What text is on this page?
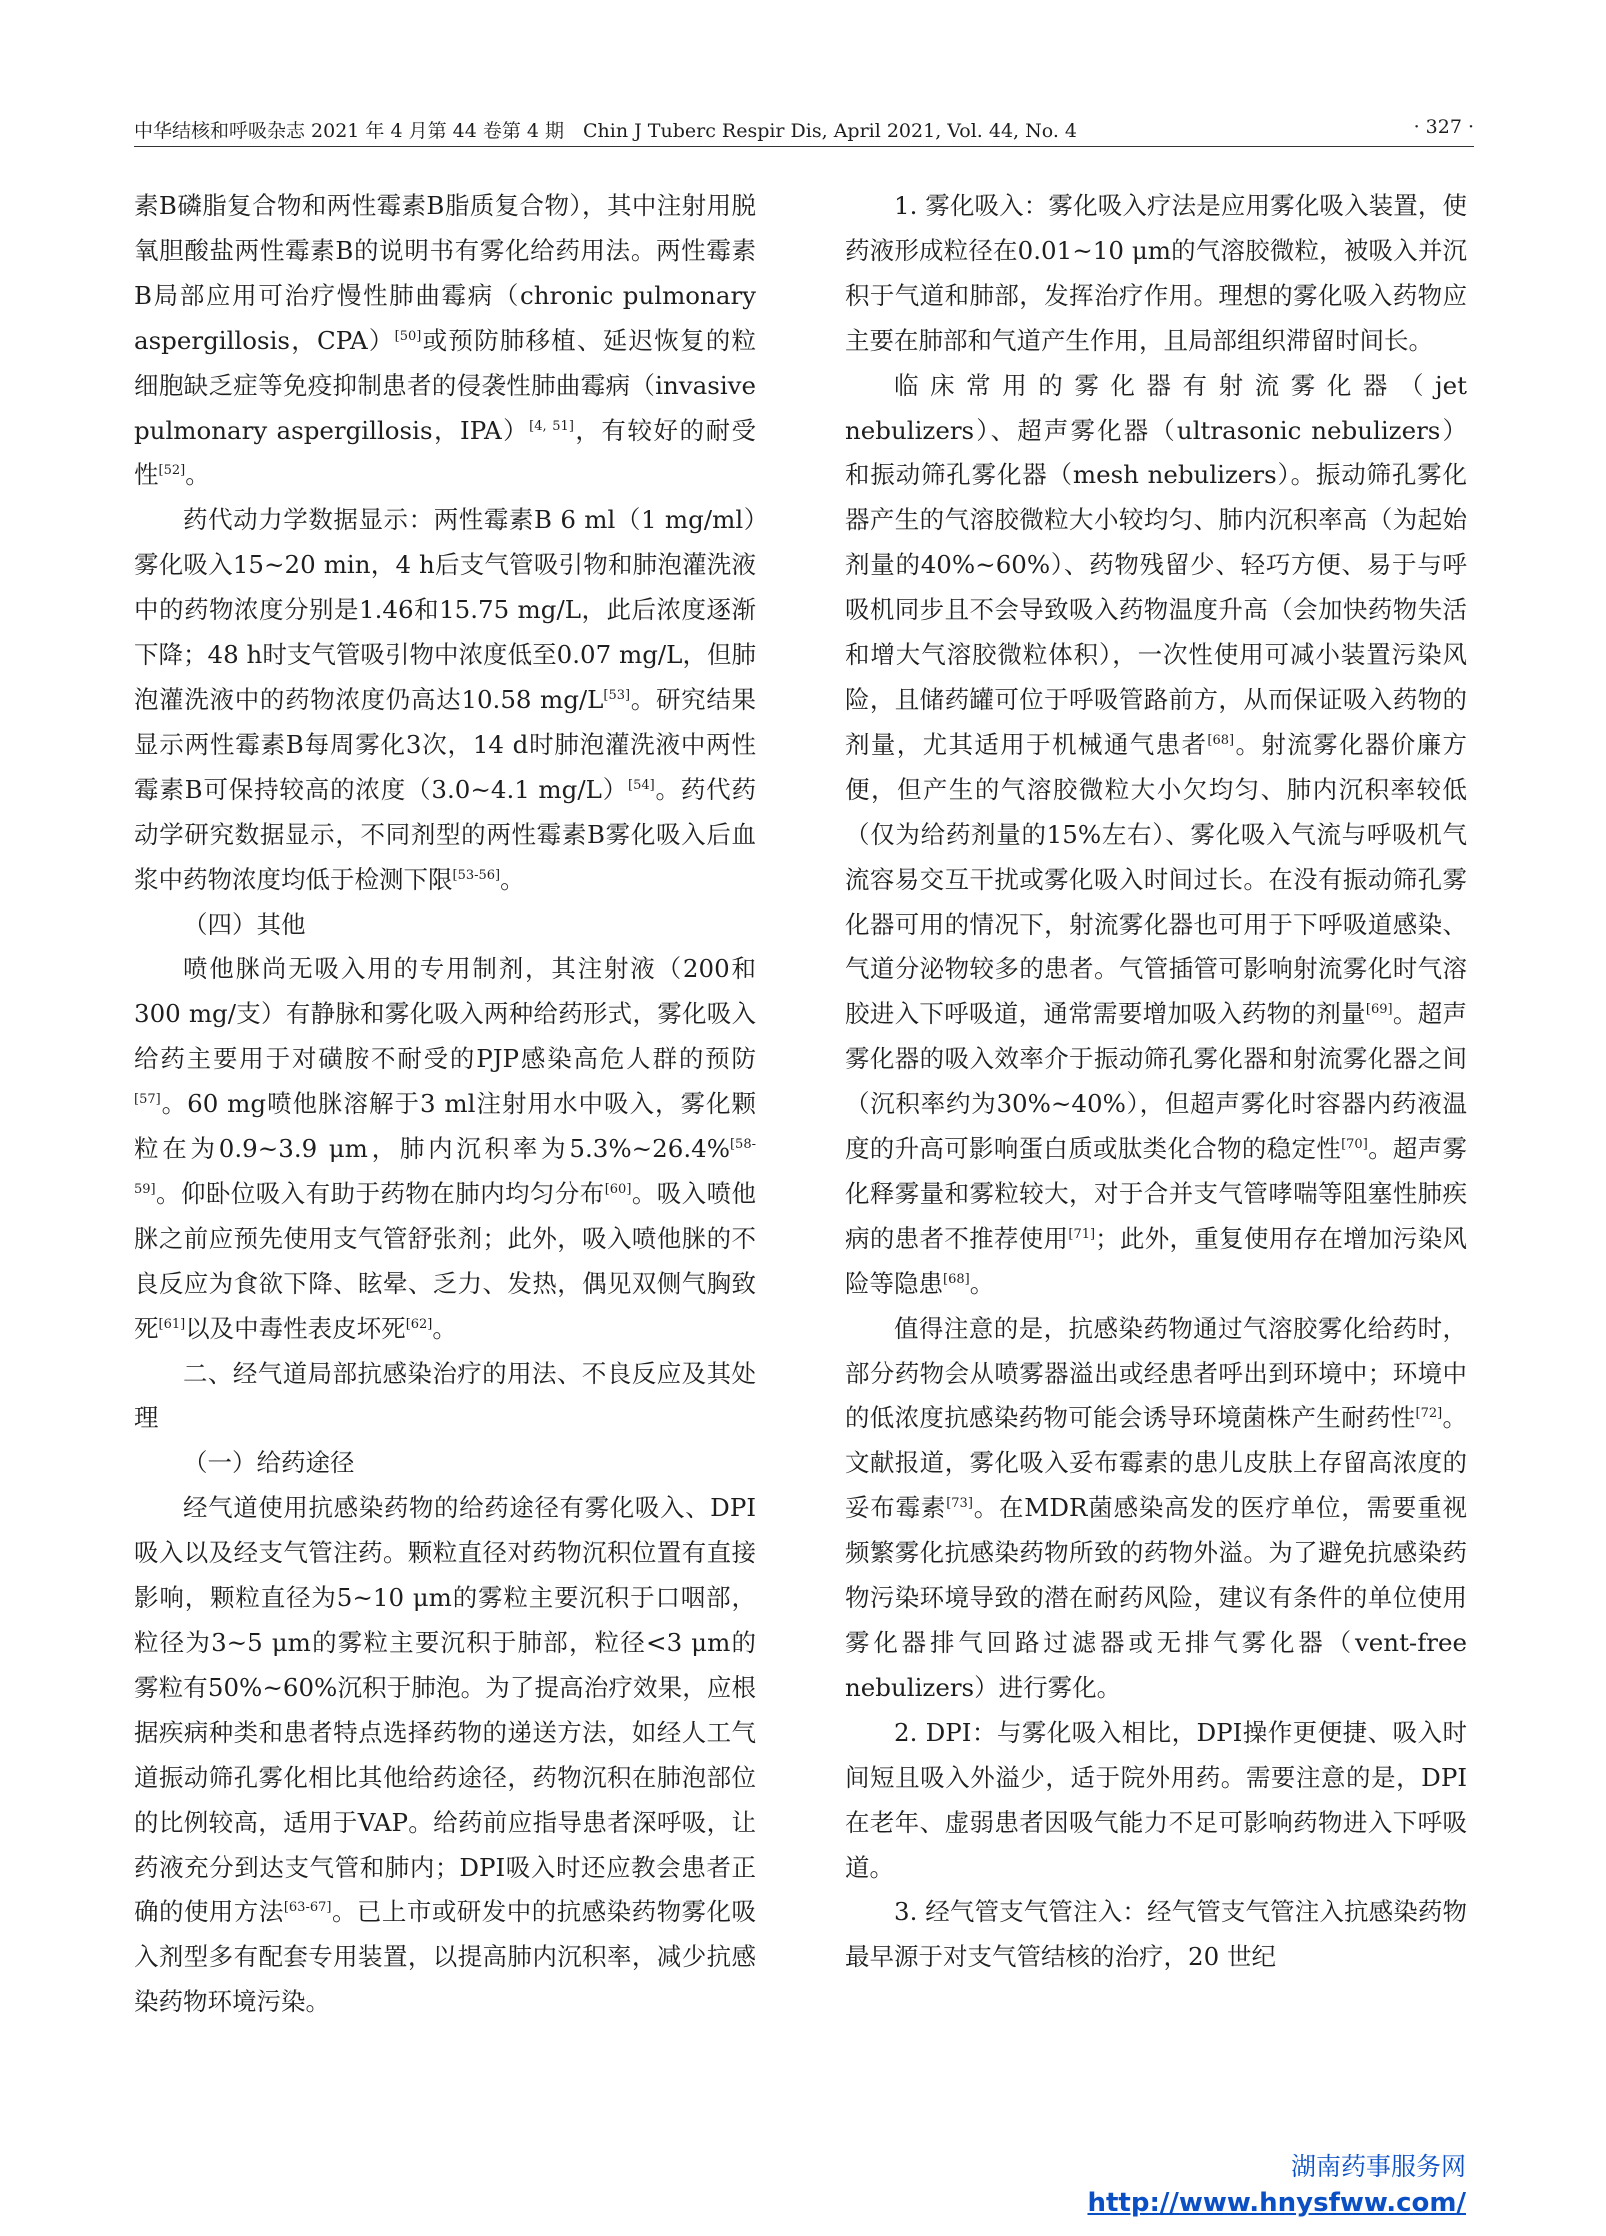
中华结核和呼吸杂志 2021 年 4 月第 44 卷第 4 期　Chin J Tuberc Respir Dis, April 2021, Vol. 44, No. 4	· 327 ·

素B磷脂复合物和两性霉素B脂质复合物），其中注射用脱氧胆酸盐两性霉素B的说明书有雾化给药用法。两性霉素B局部应用可治疗慢性肺曲霉病（chronic pulmonary aspergillosis，CPA）[50]或预防肺移植、延迟恢复的粒细胞缺乏症等免疫抑制患者的侵袭性肺曲霉病（invasive pulmonary aspergillosis，IPA）[4, 51]，有较好的耐受性[52]。

药代动力学数据显示：两性霉素B 6 ml（1 mg/ml）雾化吸入15~20 min，4 h后支气管吸引物和肺泡灌洗液中的药物浓度分别是1.46和15.75 mg/L，此后浓度逐渐下降；48 h时支气管吸引物中浓度低至0.07 mg/L，但肺泡灌洗液中的药物浓度仍高达10.58 mg/L[53]。研究结果显示两性霉素B每周雾化3次，14 d时肺泡灌洗液中两性霉素B可保持较高的浓度（3.0~4.1 mg/L）[54]。药代药动学研究数据显示，不同剂型的两性霉素B雾化吸入后血浆中药物浓度均低于检测下限[53-56]。

（四）其他

喷他脒尚无吸入用的专用制剂，其注射液（200和300 mg/支）有静脉和雾化吸入两种给药形式，雾化吸入给药主要用于对磺胺不耐受的PJP感染高危人群的预防[57]。60 mg喷他脒溶解于3 ml注射用水中吸入，雾化颗粒在为0.9~3.9 μm，肺内沉积率为5.3%~26.4%[58-59]。仰卧位吸入有助于药物在肺内均匀分布[60]。吸入喷他脒之前应预先使用支气管舒张剂；此外，吸入喷他脒的不良反应为食欲下降、眩晕、乏力、发热，偶见双侧气胸致死[61]以及中毒性表皮坏死[62]。

二、经气道局部抗感染治疗的用法、不良反应及其处理

（一）给药途径

经气道使用抗感染药物的给药途径有雾化吸入、DPI吸入以及经支气管注药。颗粒直径对药物沉积位置有直接影响，颗粒直径为5~10 μm的雾粒主要沉积于口咽部，粒径为3~5 μm的雾粒主要沉积于肺部，粒径<3 μm的雾粒有50%~60%沉积于肺泡。为了提高治疗效果，应根据疾病种类和患者特点选择药物的递送方法，如经人工气道振动筛孔雾化相比其他给药途径，药物沉积在肺泡部位的比例较高，适用于VAP。给药前应指导患者深呼吸，让药液充分到达支气管和肺内；DPI吸入时还应教会患者正确的使用方法[63-67]。已上市或研发中的抗感染药物雾化吸入剂型多有配套专用装置，以提高肺内沉积率，减少抗感染药物环境污染。

1. 雾化吸入：雾化吸入疗法是应用雾化吸入装置，使药液形成粒径在0.01~10 μm的气溶胶微粒，被吸入并沉积于气道和肺部，发挥治疗作用。理想的雾化吸入药物应主要在肺部和气道产生作用，且局部组织滞留时间长。

临床常用的雾化器有射流雾化器（jet nebulizers）、超声雾化器（ultrasonic nebulizers）和振动筛孔雾化器（mesh nebulizers）。振动筛孔雾化器产生的气溶胶微粒大小较均匀、肺内沉积率高（为起始剂量的40%~60%）、药物残留少、轻巧方便、易于与呼吸机同步且不会导致吸入药物温度升高（会加快药物失活和增大气溶胶微粒体积），一次性使用可减小装置污染风险，且储药罐可位于呼吸管路前方，从而保证吸入药物的剂量，尤其适用于机械通气患者[68]。射流雾化器价廉方便，但产生的气溶胶微粒大小欠均匀、肺内沉积率较低（仅为给药剂量的15%左右）、雾化吸入气流与呼吸机气流容易交互干扰或雾化吸入时间过长。在没有振动筛孔雾化器可用的情况下，射流雾化器也可用于下呼吸道感染、气道分泌物较多的患者。气管插管可影响射流雾化时气溶胶进入下呼吸道，通常需要增加吸入药物的剂量[69]。超声雾化器的吸入效率介于振动筛孔雾化器和射流雾化器之间（沉积率约为30%~40%），但超声雾化时容器内药液温度的升高可影响蛋白质或肽类化合物的稳定性[70]。超声雾化释雾量和雾粒较大，对于合并支气管哮喘等阻塞性肺疾病的患者不推荐使用[71]；此外，重复使用存在增加污染风险等隐患[68]。

值得注意的是，抗感染药物通过气溶胶雾化给药时，部分药物会从喷雾器溢出或经患者呼出到环境中；环境中的低浓度抗感染药物可能会诱导环境菌株产生耐药性[72]。文献报道，雾化吸入妥布霉素的患儿皮肤上存留高浓度的妥布霉素[73]。在MDR菌感染高发的医疗单位，需要重视频繁雾化抗感染药物所致的药物外溢。为了避免抗感染药物污染环境导致的潜在耐药风险，建议有条件的单位使用雾化器排气回路过滤器或无排气雾化器（vent-free nebulizers）进行雾化。

2. DPI：与雾化吸入相比，DPI操作更便捷、吸入时间短且吸入外溢少，适于院外用药。需要注意的是，DPI在老年、虚弱患者因吸气能力不足可影响药物进入下呼吸道。

3. 经气管支气管注入：经气管支气管注入抗感染药物最早源于对支气管结核的治疗，20 世纪

湖南药事服务网
http://www.hnysfww.com/
